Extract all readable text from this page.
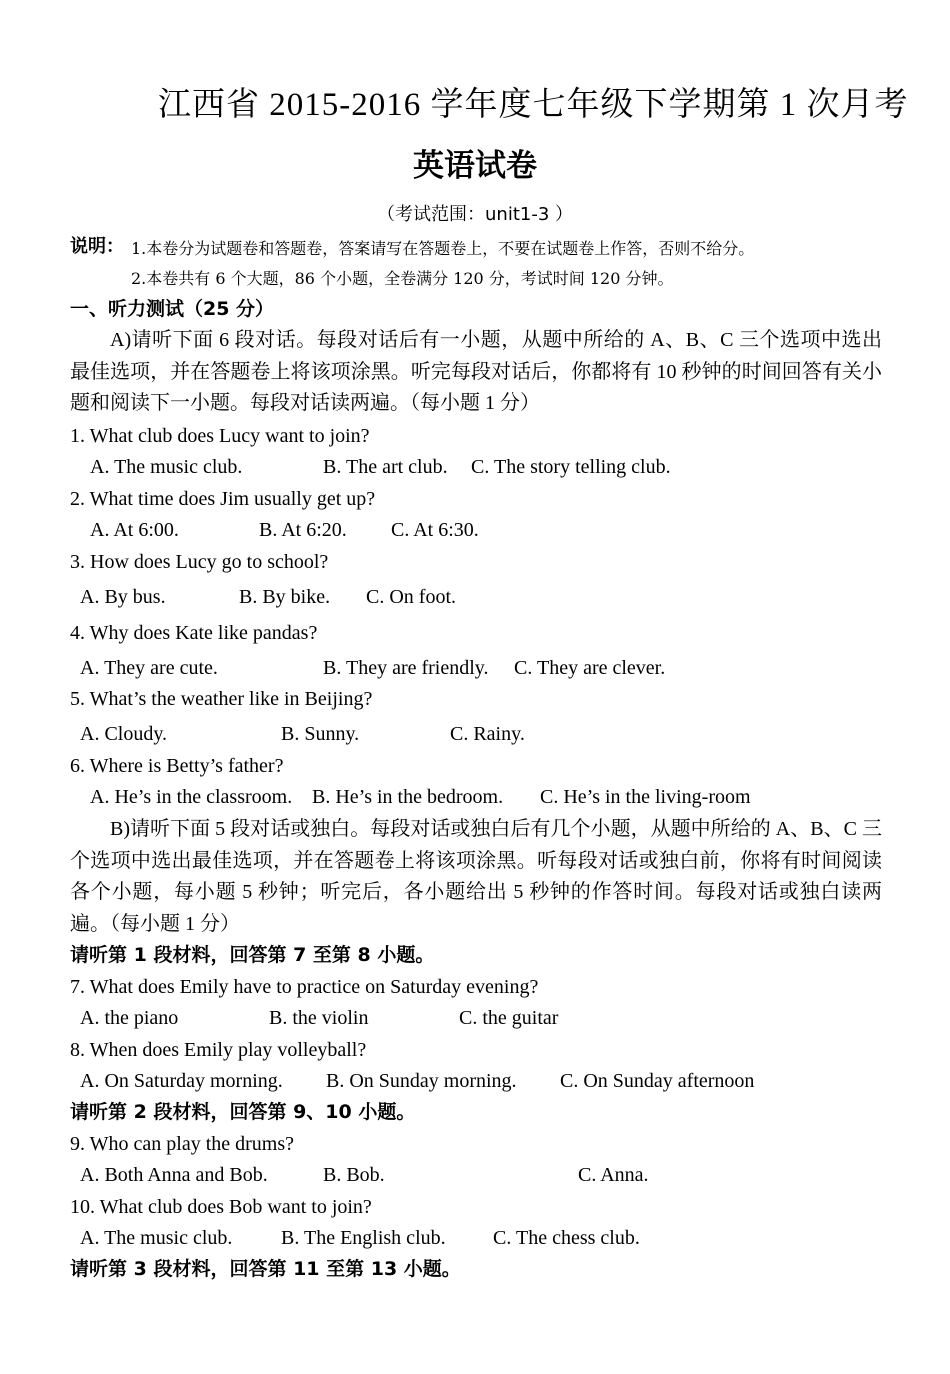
江西省 2015-2016 学年度七年级下学期第 1 次月考
英语试卷
（考试范围：unit1-3 ）
说明： 1.本卷分为试题卷和答题卷，答案请写在答题卷上，不要在试题卷上作答，否则不给分。
2.本卷共有 6 个大题，86 个小题，全卷满分 120 分，考试时间 120 分钟。
一、听力测试（25 分）
A)请听下面 6 段对话。每段对话后有一小题，从题中所给的 A、B、C 三个选项中选出最佳选项，并在答题卷上将该项涂黑。听完每段对话后，你都将有 10 秒钟的时间回答有关小题和阅读下一小题。每段对话读两遍。（每小题 1 分）
1. What club does Lucy want to join?
A. The music club.	B. The art club. C. The story telling club.
2. What time does Jim usually get up?
A. At 6:00.	B. At 6:20. C. At 6:30.
3. How does Lucy go to school?
A. By bus.	B. By bike. C. On foot.
4. Why does Kate like pandas?
A. They are cute.	B. They are friendly. C. They are clever.
5. What’s the weather like in Beijing?
A. Cloudy.	B. Sunny.	C. Rainy.
6. Where is Betty’s father?
A. He’s in the classroom. B. He’s in the bedroom. C. He’s in the living-room
B)请听下面 5 段对话或独白。每段对话或独白后有几个小题，从题中所给的 A、B、C 三个选项中选出最佳选项，并在答题卷上将该项涂黑。听每段对话或独白前，你将有时间阅读各个小题，每小题 5 秒钟；听完后，各小题给出 5 秒钟的作答时间。每段对话或独白读两遍。（每小题 1 分）
请听第 1 段材料，回答第 7 至第 8 小题。
7. What does Emily have to practice on Saturday evening?
A. the piano	B. the violin	C. the guitar
8. When does Emily play volleyball?
A. On Saturday morning. B. On Sunday morning. C. On Sunday afternoon
请听第 2 段材料，回答第 9、10 小题。
9. Who can play the drums?
A. Both Anna and Bob.	B. Bob.	C. Anna.
10. What club does Bob want to join?
A. The music club. B. The English club. C. The chess club.
请听第 3 段材料，回答第 11 至第 13 小题。
